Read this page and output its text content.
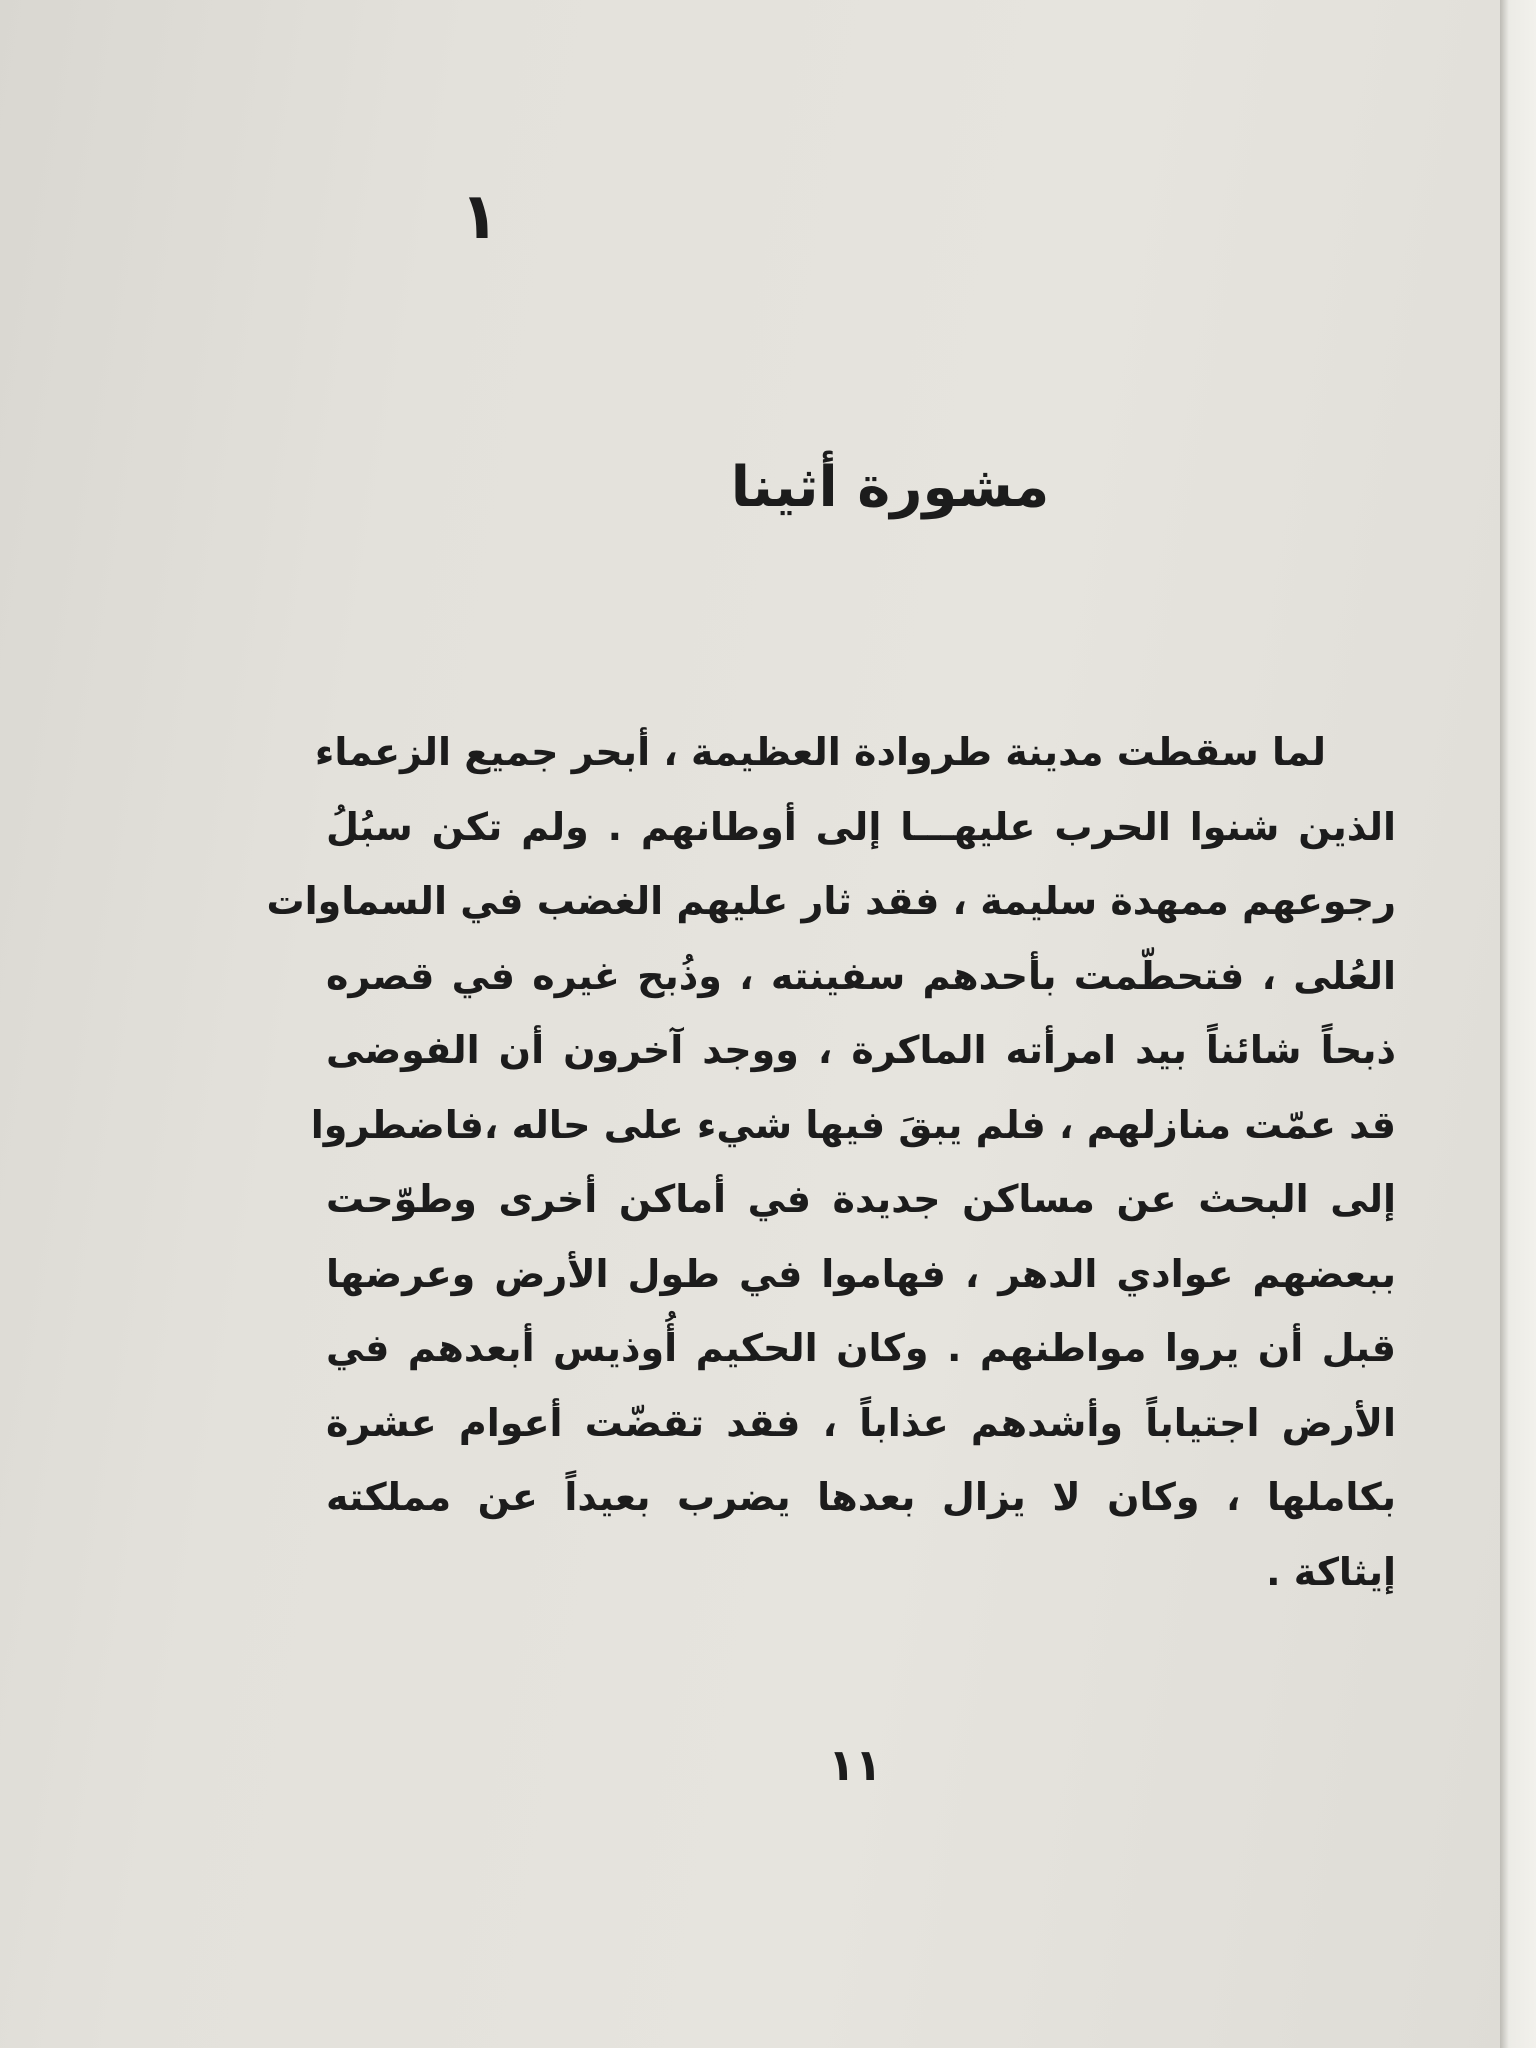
١
مشورة أثينا
لما سقطت مدينة طروادة العظيمة ، أبحر جميع الزعماء
الذين شنوا الحرب عليهـــا إلى أوطانهم . ولم تكن سبُلُ
رجوعهم ممهدة سليمة ، فقد ثار عليهم الغضب في السماوات
العُلى ، فتحطّمت بأحدهم سفينته ، وذُبح غيره في قصره
ذبحاً شائناً بيد امرأته الماكرة ، ووجد آخرون أن الفوضى
قد عمّت منازلهم ، فلم يبقَ فيها شيء على حاله ،فاضطروا
إلى البحث عن مساكن جديدة في أماكن أخرى وطوّحت
ببعضهم عوادي الدهر ، فهاموا في طول الأرض وعرضها
قبل أن يروا مواطنهم . وكان الحكيم أُوذيس أبعدهم في
الأرض اجتياباً وأشدهم عذاباً ، فقد تقضّت أعوام عشرة
بكاملها ، وكان لا يزال بعدها يضرب بعيداً عن مملكته
إيثاكة .
١١
